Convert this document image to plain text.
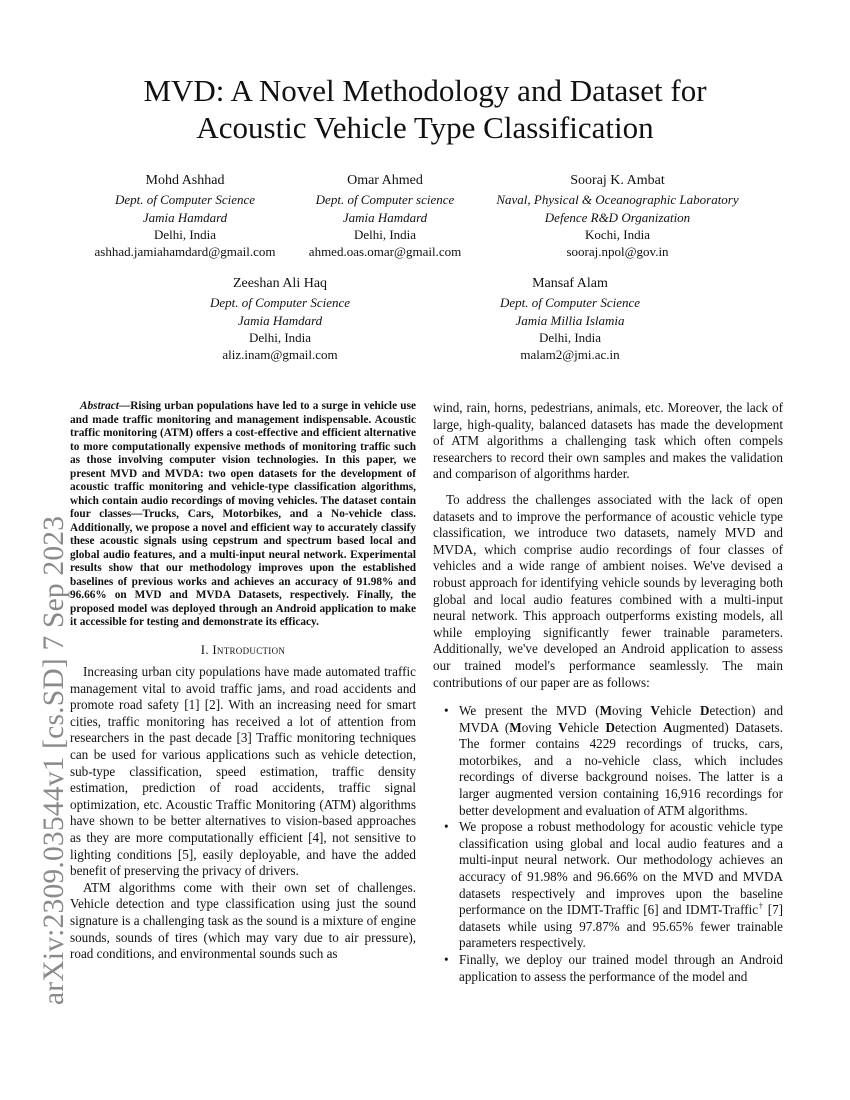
arXiv:2309.03544v1 [cs.SD] 7 Sep 2023
MVD: A Novel Methodology and Dataset for
Acoustic Vehicle Type Classification
Mohd Ashhad
Dept. of Computer Science
Jamia Hamdard
Delhi, India
ashhad.jamiahamdard@gmail.com
Omar Ahmed
Dept. of Computer science
Jamia Hamdard
Delhi, India
ahmed.oas.omar@gmail.com
Sooraj K. Ambat
Naval, Physical & Oceanographic Laboratory
Defence R&D Organization
Kochi, India
sooraj.npol@gov.in
Zeeshan Ali Haq
Dept. of Computer Science
Jamia Hamdard
Delhi, India
aliz.inam@gmail.com
Mansaf Alam
Dept. of Computer Science
Jamia Millia Islamia
Delhi, India
malam2@jmi.ac.in

Abstract—Rising urban populations have led to a surge in vehicle use and made traffic monitoring and management indispensable. Acoustic traffic monitoring (ATM) offers a cost-effective and efficient alternative to more computationally expensive methods of monitoring traffic such as those involving computer vision technologies. In this paper, we present MVD and MVDA: two open datasets for the development of acoustic traffic monitoring and vehicle-type classification algorithms, which contain audio recordings of moving vehicles. The dataset contain four classes—Trucks, Cars, Motorbikes, and a No-vehicle class. Additionally, we propose a novel and efficient way to accurately classify these acoustic signals using cepstrum and spectrum based local and global audio features, and a multi-input neural network. Experimental results show that our methodology improves upon the established baselines of previous works and achieves an accuracy of 91.98% and 96.66% on MVD and MVDA Datasets, respectively. Finally, the proposed model was deployed through an Android application to make it accessible for testing and demonstrate its efficacy.

I. Introduction

Increasing urban city populations have made automated traffic management vital to avoid traffic jams, and road accidents and promote road safety [1] [2]. With an increasing need for smart cities, traffic monitoring has received a lot of attention from researchers in the past decade [3] Traffic monitoring techniques can be used for various applications such as vehicle detection, sub-type classification, speed estimation, traffic density estimation, prediction of road accidents, traffic signal optimization, etc. Acoustic Traffic Monitoring (ATM) algorithms have shown to be better alternatives to vision-based approaches as they are more computationally efficient [4], not sensitive to lighting conditions [5], easily deployable, and have the added benefit of preserving the privacy of drivers.

ATM algorithms come with their own set of challenges. Vehicle detection and type classification using just the sound signature is a challenging task as the sound is a mixture of engine sounds, sounds of tires (which may vary due to air pressure), road conditions, and environmental sounds such as

wind, rain, horns, pedestrians, animals, etc. Moreover, the lack of large, high-quality, balanced datasets has made the development of ATM algorithms a challenging task which often compels researchers to record their own samples and makes the validation and comparison of algorithms harder.

To address the challenges associated with the lack of open datasets and to improve the performance of acoustic vehicle type classification, we introduce two datasets, namely MVD and MVDA, which comprise audio recordings of four classes of vehicles and a wide range of ambient noises. We've devised a robust approach for identifying vehicle sounds by leveraging both global and local audio features combined with a multi-input neural network. This approach outperforms existing models, all while employing significantly fewer trainable parameters. Additionally, we've developed an Android application to assess our trained model's performance seamlessly. The main contributions of our paper are as follows:

• We present the MVD (Moving Vehicle Detection) and MVDA (Moving Vehicle Detection Augmented) Datasets. The former contains 4229 recordings of trucks, cars, motorbikes, and a no-vehicle class, which includes recordings of diverse background noises. The latter is a larger augmented version containing 16,916 recordings for better development and evaluation of ATM algorithms.
• We propose a robust methodology for acoustic vehicle type classification using global and local audio features and a multi-input neural network. Our methodology achieves an accuracy of 91.98% and 96.66% on the MVD and MVDA datasets respectively and improves upon the baseline performance on the IDMT-Traffic [6] and IDMT-Traffic† [7] datasets while using 97.87% and 95.65% fewer trainable parameters respectively.
• Finally, we deploy our trained model through an Android application to assess the performance of the model and
